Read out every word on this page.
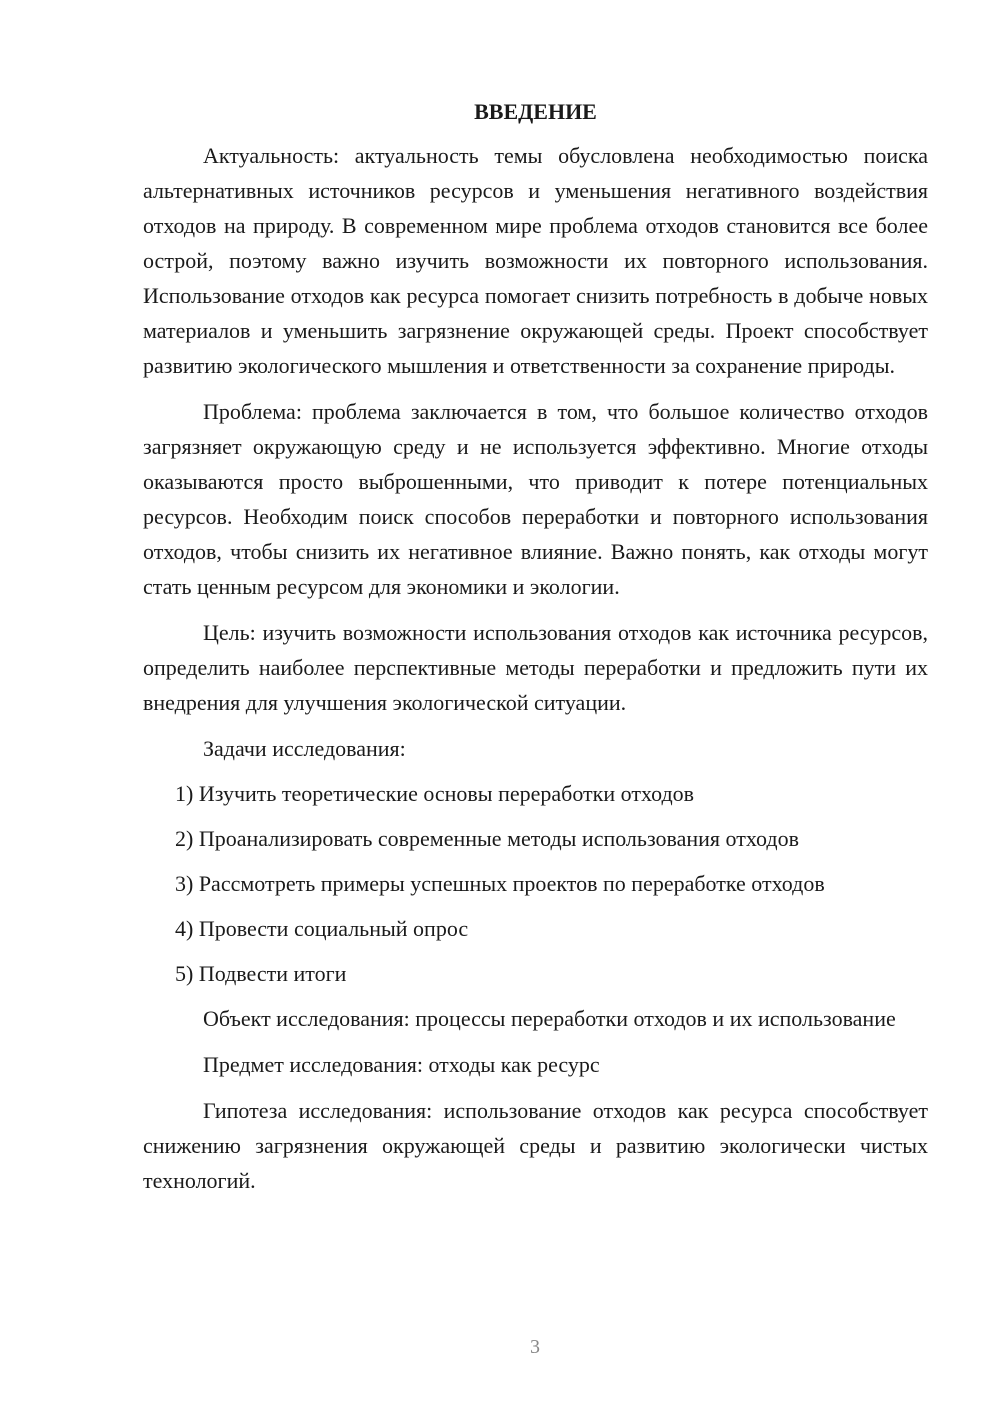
ВВЕДЕНИЕ

Актуальность: актуальность темы обусловлена необходимостью поиска альтернативных источников ресурсов и уменьшения негативного воздействия отходов на природу. В современном мире проблема отходов становится все более острой, поэтому важно изучить возможности их повторного использования. Использование отходов как ресурса помогает снизить потребность в добыче новых материалов и уменьшить загрязнение окружающей среды. Проект способствует развитию экологического мышления и ответственности за сохранение природы.

Проблема: проблема заключается в том, что большое количество отходов загрязняет окружающую среду и не используется эффективно. Многие отходы оказываются просто выброшенными, что приводит к потере потенциальных ресурсов. Необходим поиск способов переработки и повторного использования отходов, чтобы снизить их негативное влияние. Важно понять, как отходы могут стать ценным ресурсом для экономики и экологии.

Цель: изучить возможности использования отходов как источника ресурсов, определить наиболее перспективные методы переработки и предложить пути их внедрения для улучшения экологической ситуации.

Задачи исследования:

1) Изучить теоретические основы переработки отходов
2) Проанализировать современные методы использования отходов
3) Рассмотреть примеры успешных проектов по переработке отходов
4) Провести социальный опрос
5) Подвести итоги

Объект исследования: процессы переработки отходов и их использование

Предмет исследования: отходы как ресурс

Гипотеза исследования: использование отходов как ресурса способствует снижению загрязнения окружающей среды и развитию экологически чистых технологий.

3
